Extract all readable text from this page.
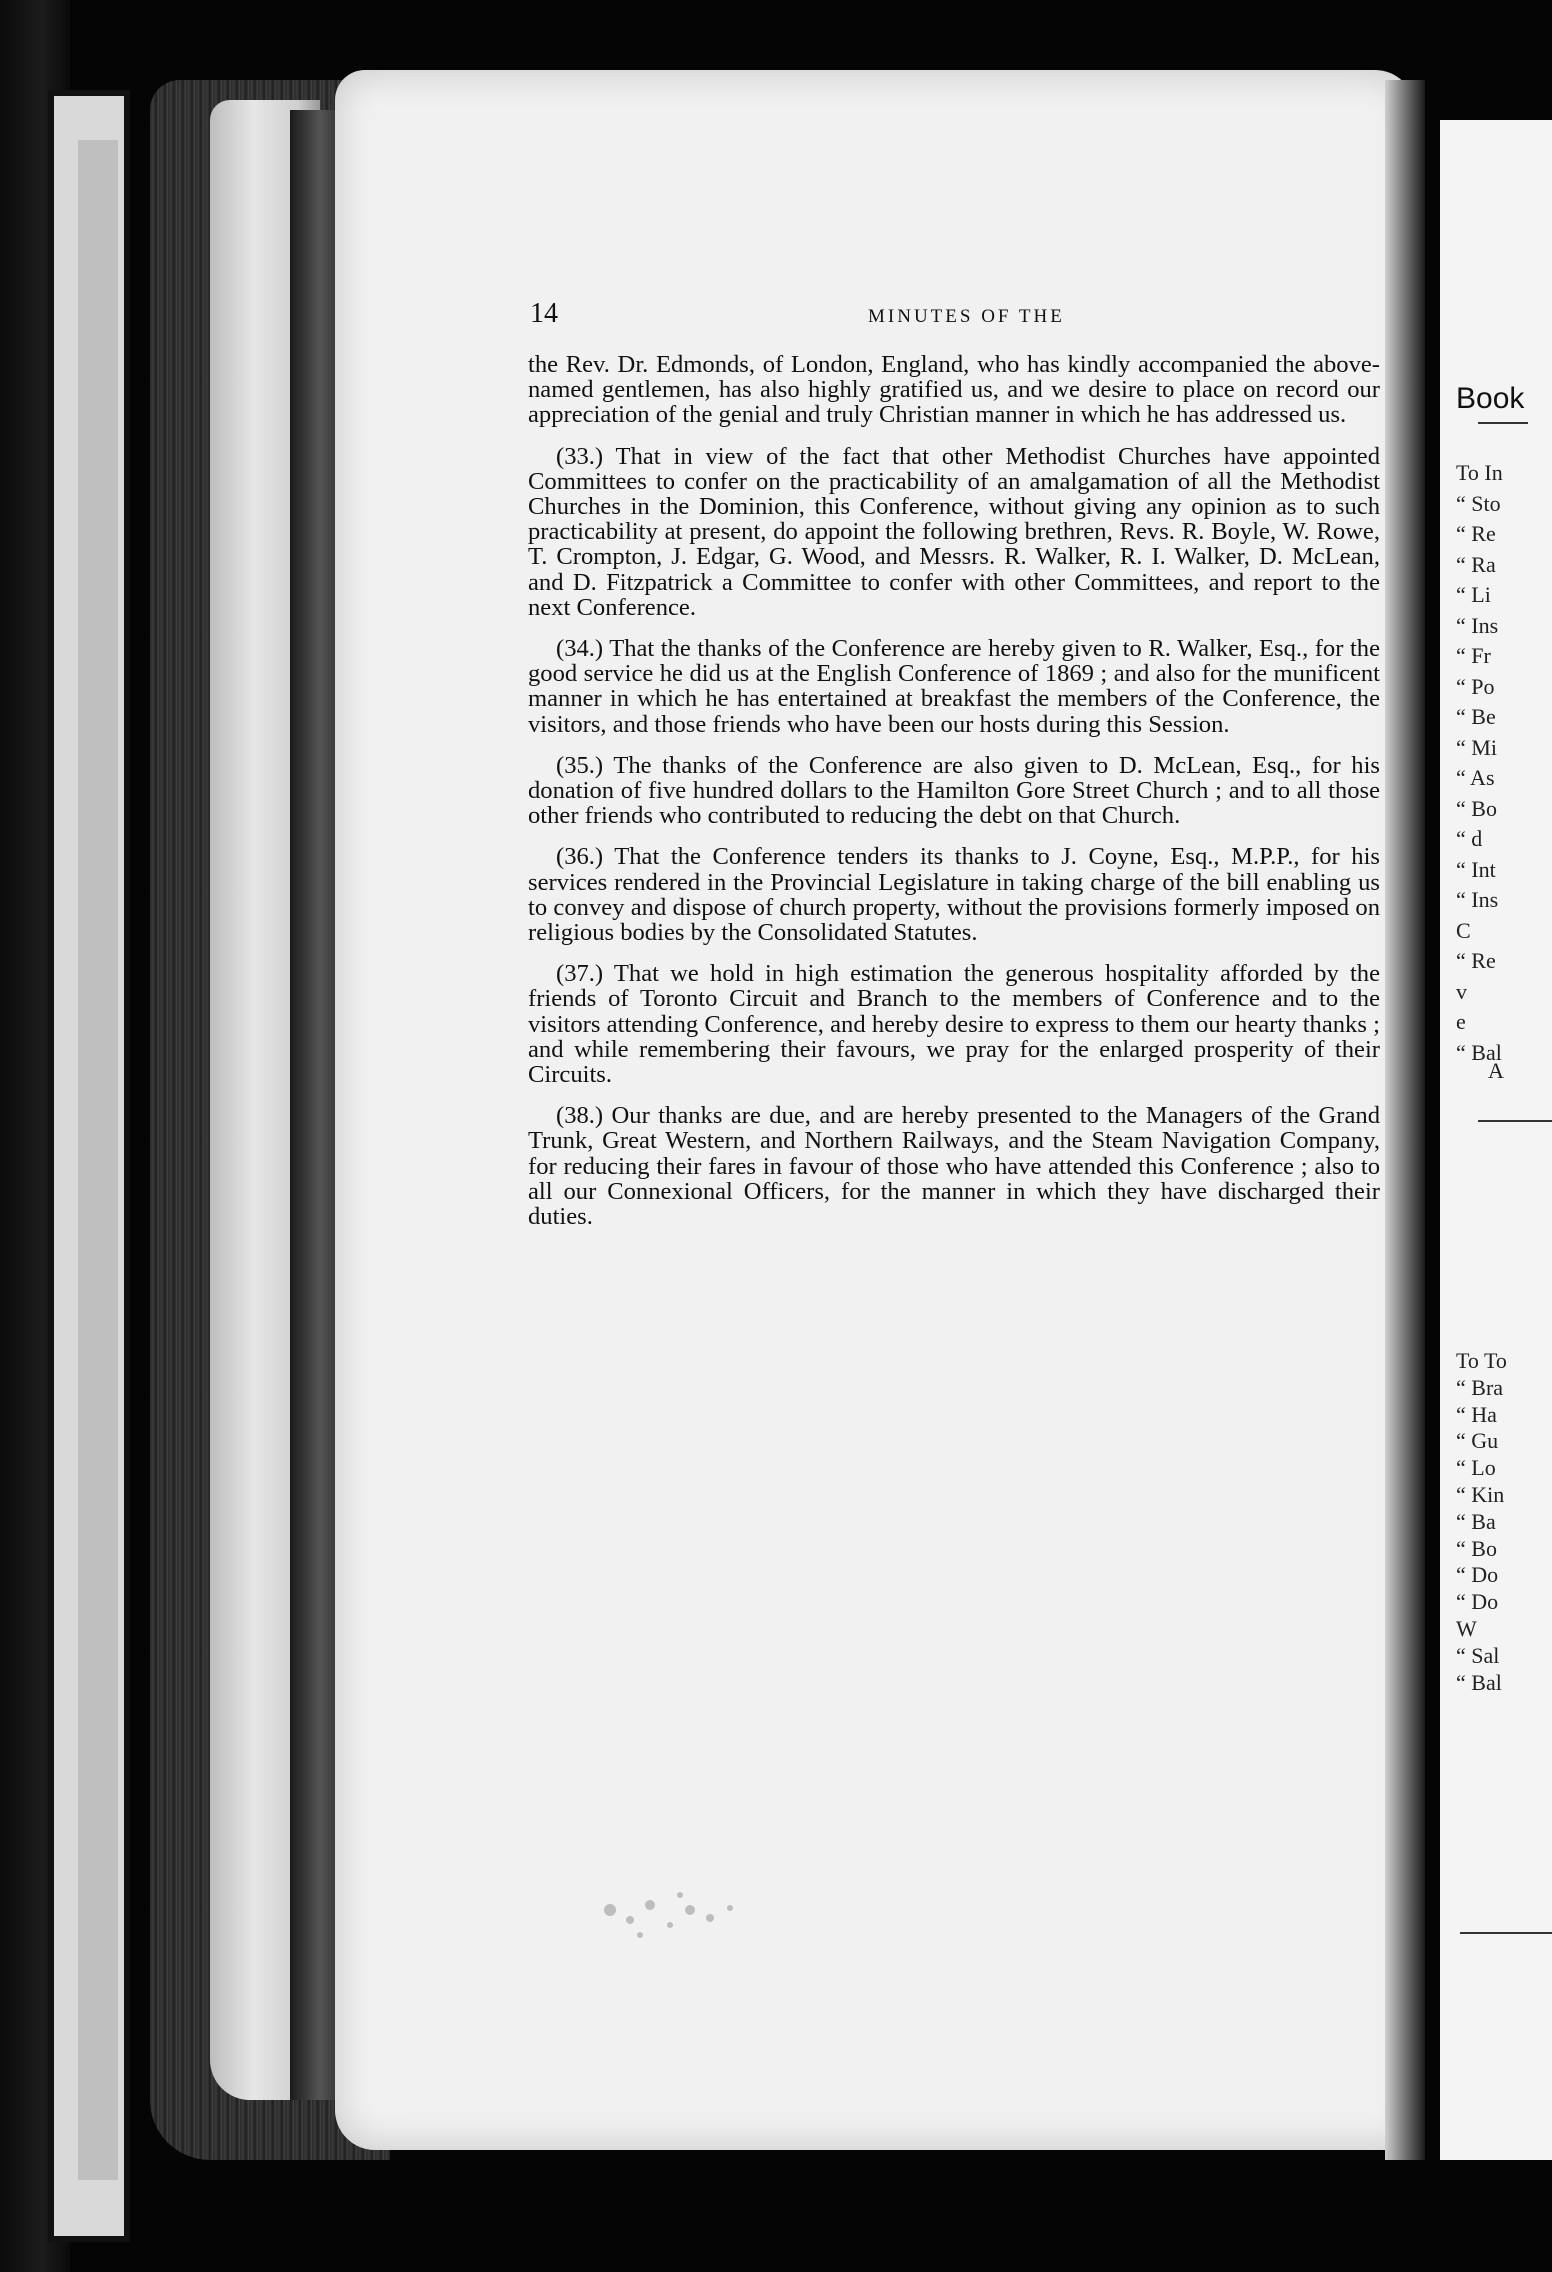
14	MINUTES OF THE

the Rev. Dr. Edmonds, of London, England, who has kindly accompanied the above-named gentlemen, has also highly gratified us, and we desire to place on record our appreciation of the genial and truly Christian manner in which he has addressed us.

(33.) That in view of the fact that other Methodist Churches have appointed Committees to confer on the practicability of an amalgamation of all the Methodist Churches in the Dominion, this Conference, without giving any opinion as to such practicability at present, do appoint the following brethren, Revs. R. Boyle, W. Rowe, T. Crompton, J. Edgar, G. Wood, and Messrs. R. Walker, R. I. Walker, D. McLean, and D. Fitzpatrick a Committee to confer with other Committees, and report to the next Conference.

(34.) That the thanks of the Conference are hereby given to R. Walker, Esq., for the good service he did us at the English Conference of 1869 ; and also for the munificent manner in which he has entertained at breakfast the members of the Conference, the visitors, and those friends who have been our hosts during this Session.

(35.) The thanks of the Conference are also given to D. McLean, Esq., for his donation of five hundred dollars to the Hamilton Gore Street Church ; and to all those other friends who contributed to reducing the debt on that Church.

(36.) That the Conference tenders its thanks to J. Coyne, Esq., M.P.P., for his services rendered in the Provincial Legislature in taking charge of the bill enabling us to convey and dispose of church property, without the provisions formerly imposed on religious bodies by the Consolidated Statutes.

(37.) That we hold in high estimation the generous hospitality afforded by the friends of Toronto Circuit and Branch to the members of Conference and to the visitors attending Conference, and hereby desire to express to them our hearty thanks ; and while remembering their favours, we pray for the enlarged prosperity of their Circuits.

(38.) Our thanks are due, and are hereby presented to the Managers of the Grand Trunk, Great Western, and Northern Railways, and the Steam Navigation Company, for reducing their fares in favour of those who have attended this Conference ; also to all our Connexional Officers, for the manner in which they have discharged their duties.

Book
To In
“ Sto
“ Re
“ Ra
“ Li
“ Ins
“ Fr
“ Po
“ Be
“ Mi
“ As
“ Bo
“ d
“ Int
“ Ins
C
“ Re
v
e
“ Bal
A
To To
“ Bra
“ Ha
“ Gu
“ Lo
“ Kin
“ Ba
“ Bo
“ Do
“ Do
W
“ Sal
“ Bal
